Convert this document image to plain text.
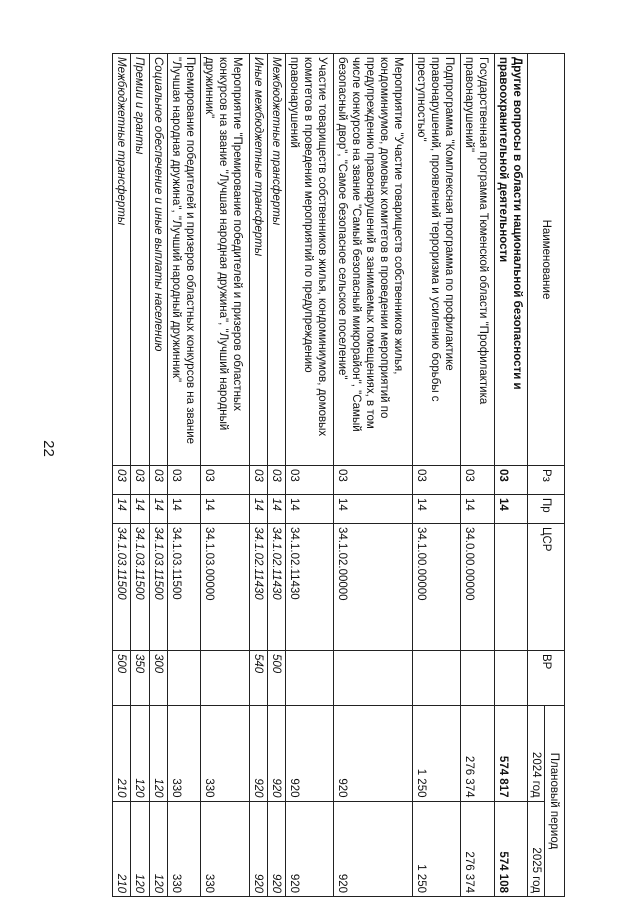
22
Наименование	Рз	Пр	ЦСР	ВР	Плановый период	
					2024 год	2025 год
Другие вопросы в области национальной безопасности и правоохранительной деятельности	03	14			574 817	574 108
Государственная программа Тюменской области "Профилактика правонарушений"	03	14	34.0.00.00000		276 374	276 374
Подпрограмма "Комплексная программа по профилактике правонарушений, проявлений терроризма и усилению борьбы с преступностью"	03	14	34.1.00.00000		1 250	1 250
Мероприятие "Участие товариществ собственников жилья, кондоминиумов, домовых комитетов в проведении мероприятий по предупреждению правонарушений в занимаемых помещениях, в том числе конкурсов на звание "Самый безопасный микрорайон", "Самый безопасный двор", "Самое безопасное сельское поселение"	03	14	34.1.02.00000		920	920
Участие товариществ собственников жилья, кондоминиумов, домовых комитетов в проведении мероприятий по предупреждению правонарушений	03	14	34.1.02.11430		920	920
Межбюджетные трансферты	03	14	34.1.02.11430	500	920	920
Иные межбюджетные трансферты	03	14	34.1.02.11430	540	920	920
Мероприятие "Премирование победителей и призеров областных конкурсов на звание "Лучшая народная дружина", "Лучший народный дружинник"	03	14	34.1.03.00000		330	330
Премирование победителей и призеров областных конкурсов на звание "Лучшая народная дружина", "Лучший народный дружинник"	03	14	34.1.03.11500		330	330
Социальное обеспечение и иные выплаты населению	03	14	34.1.03.11500	300	120	120
Премии и гранты	03	14	34.1.03.11500	350	120	120
Межбюджетные трансферты	03	14	34.1.03.11500	500	210	210
